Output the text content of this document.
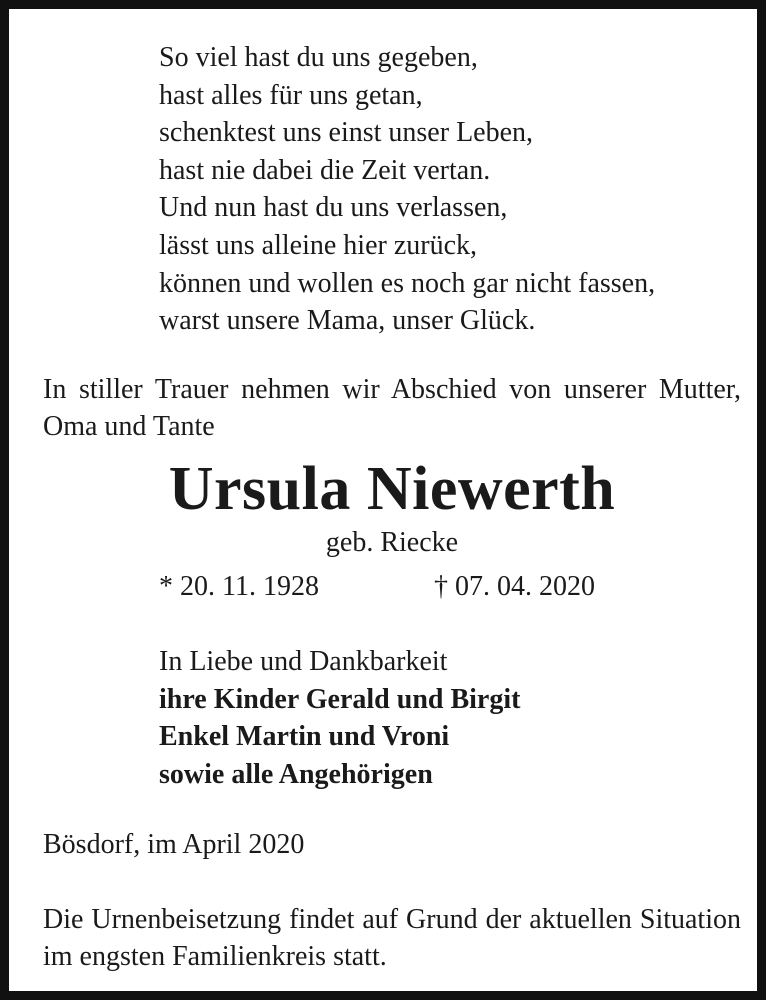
So viel hast du uns gegeben,
hast alles für uns getan,
schenktest uns einst unser Leben,
hast nie dabei die Zeit vertan.
Und nun hast du uns verlassen,
lässt uns alleine hier zurück,
können und wollen es noch gar nicht fassen,
warst unsere Mama, unser Glück.
In stiller Trauer nehmen wir Abschied von unserer Mutter, Oma und Tante
Ursula Niewerth
geb. Riecke
* 20. 11. 1928	† 07. 04. 2020
In Liebe und Dankbarkeit
ihre Kinder Gerald und Birgit
Enkel Martin und Vroni
sowie alle Angehörigen
Bösdorf, im April 2020
Die Urnenbeisetzung findet auf Grund der aktuellen Situation im engsten Familienkreis statt.
